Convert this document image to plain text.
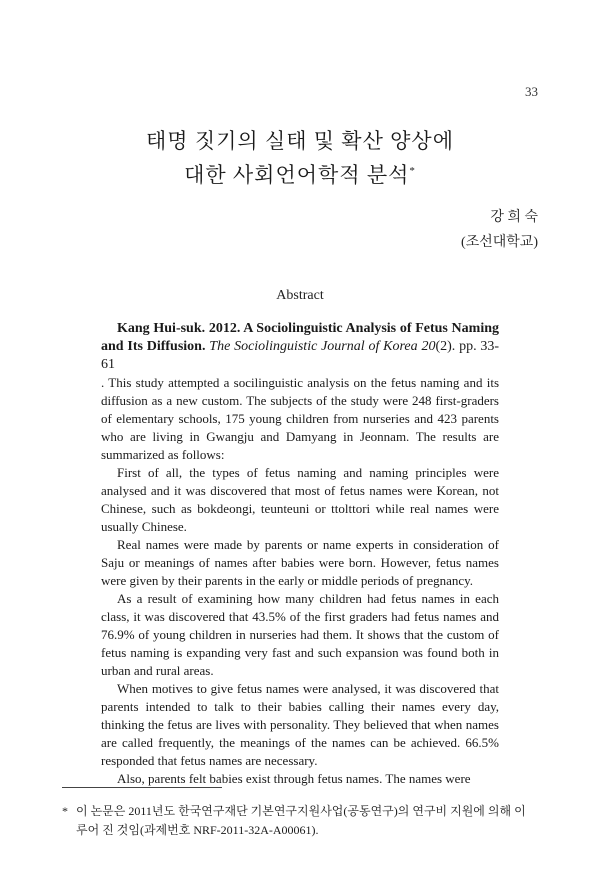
33
태명 짓기의 실태 및 확산 양상에
대한 사회언어학적 분석*
강 희 숙
(조선대학교)
Abstract

Kang Hui-suk. 2012. A Sociolinguistic Analysis of Fetus Naming and Its Diffusion. The Sociolinguistic Journal of Korea 20(2). pp. 33-61

. This study attempted a socilinguistic analysis on the fetus naming and its diffusion as a new custom. The subjects of the study were 248 first-graders of elementary schools, 175 young children from nurseries and 423 parents who are living in Gwangju and Damyang in Jeonnam. The results are summarized as follows:

First of all, the types of fetus naming and naming principles were analysed and it was discovered that most of fetus names were Korean, not Chinese, such as bokdeongi, teunteuni or ttolttori while real names were usually Chinese.

Real names were made by parents or name experts in consideration of Saju or meanings of names after babies were born. However, fetus names were given by their parents in the early or middle periods of pregnancy.

As a result of examining how many children had fetus names in each class, it was discovered that 43.5% of the first graders had fetus names and 76.9% of young children in nurseries had them. It shows that the custom of fetus naming is expanding very fast and such expansion was found both in urban and rural areas.

When motives to give fetus names were analysed, it was discovered that parents intended to talk to their babies calling their names every day, thinking the fetus are lives with personality. They believed that when names are called frequently, the meanings of the names can be achieved. 66.5% responded that fetus names are necessary.

Also, parents felt babies exist through fetus names. The names were

* 이 논문은 2011년도 한국연구재단 기본연구지원사업(공동연구)의 연구비 지원에 의해 이
루어 진 것임(과제번호 NRF-2011-32A-A00061).
